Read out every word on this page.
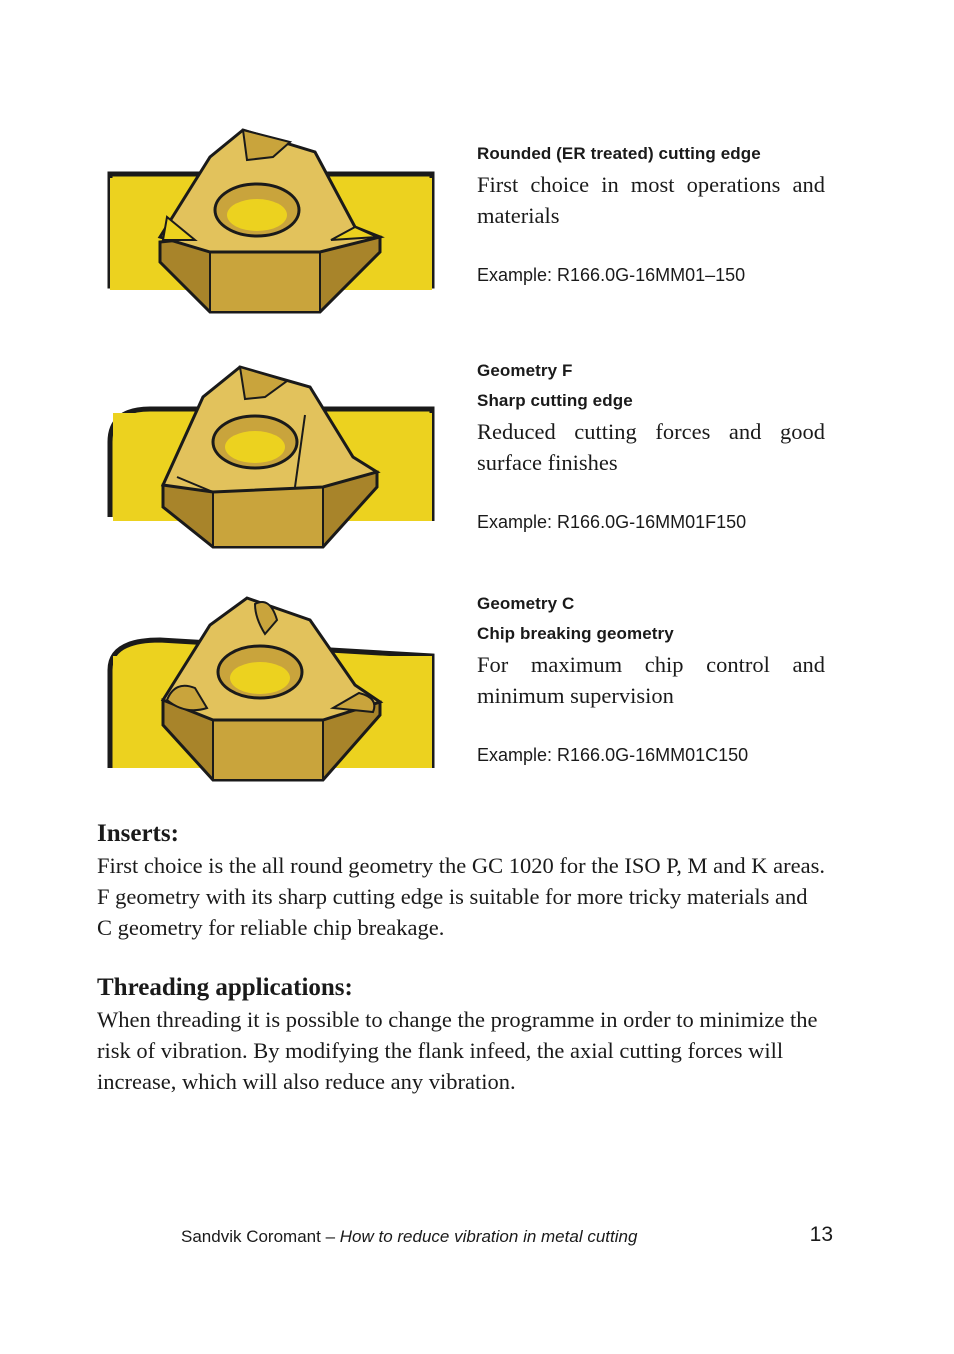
Rounded (ER treated) cutting edge
First choice in most operations and materials
Example: R166.0G-16MM01–150
Geometry F
Sharp cutting edge
Reduced cutting forces and good surface finishes
Example: R166.0G-16MM01F150
Geometry C
Chip breaking geometry
For maximum chip control and minimum supervision
Example: R166.0G-16MM01C150
Inserts:
First choice is the all round geometry the GC 1020 for the ISO P, M and K areas. F geometry with its sharp cutting edge is suitable for more tricky materials and C geometry for reliable chip breakage.
Threading applications:
When threading it is possible to change the programme in order to minimize the risk of vibration. By modifying the flank infeed, the axial cutting forces will increase, which will also reduce any vibration.
Sandvik Coromant – How to reduce vibration in metal cutting	13
